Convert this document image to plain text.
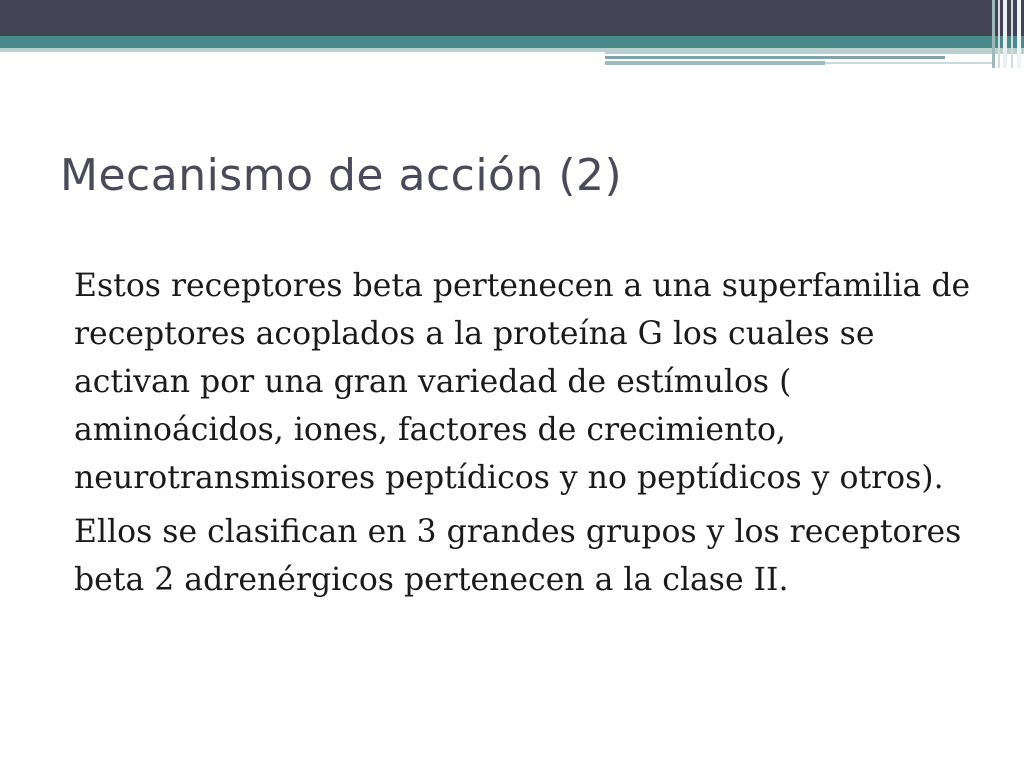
Mecanismo de acción (2)

Estos receptores beta pertenecen a una superfamilia de receptores acoplados a la proteína G los cuales se activan por una gran variedad de estímulos ( aminoácidos, iones, factores de crecimiento, neurotransmisores peptídicos y no peptídicos y otros).

Ellos se clasifican en 3 grandes grupos y los receptores beta 2 adrenérgicos pertenecen a la clase II.
